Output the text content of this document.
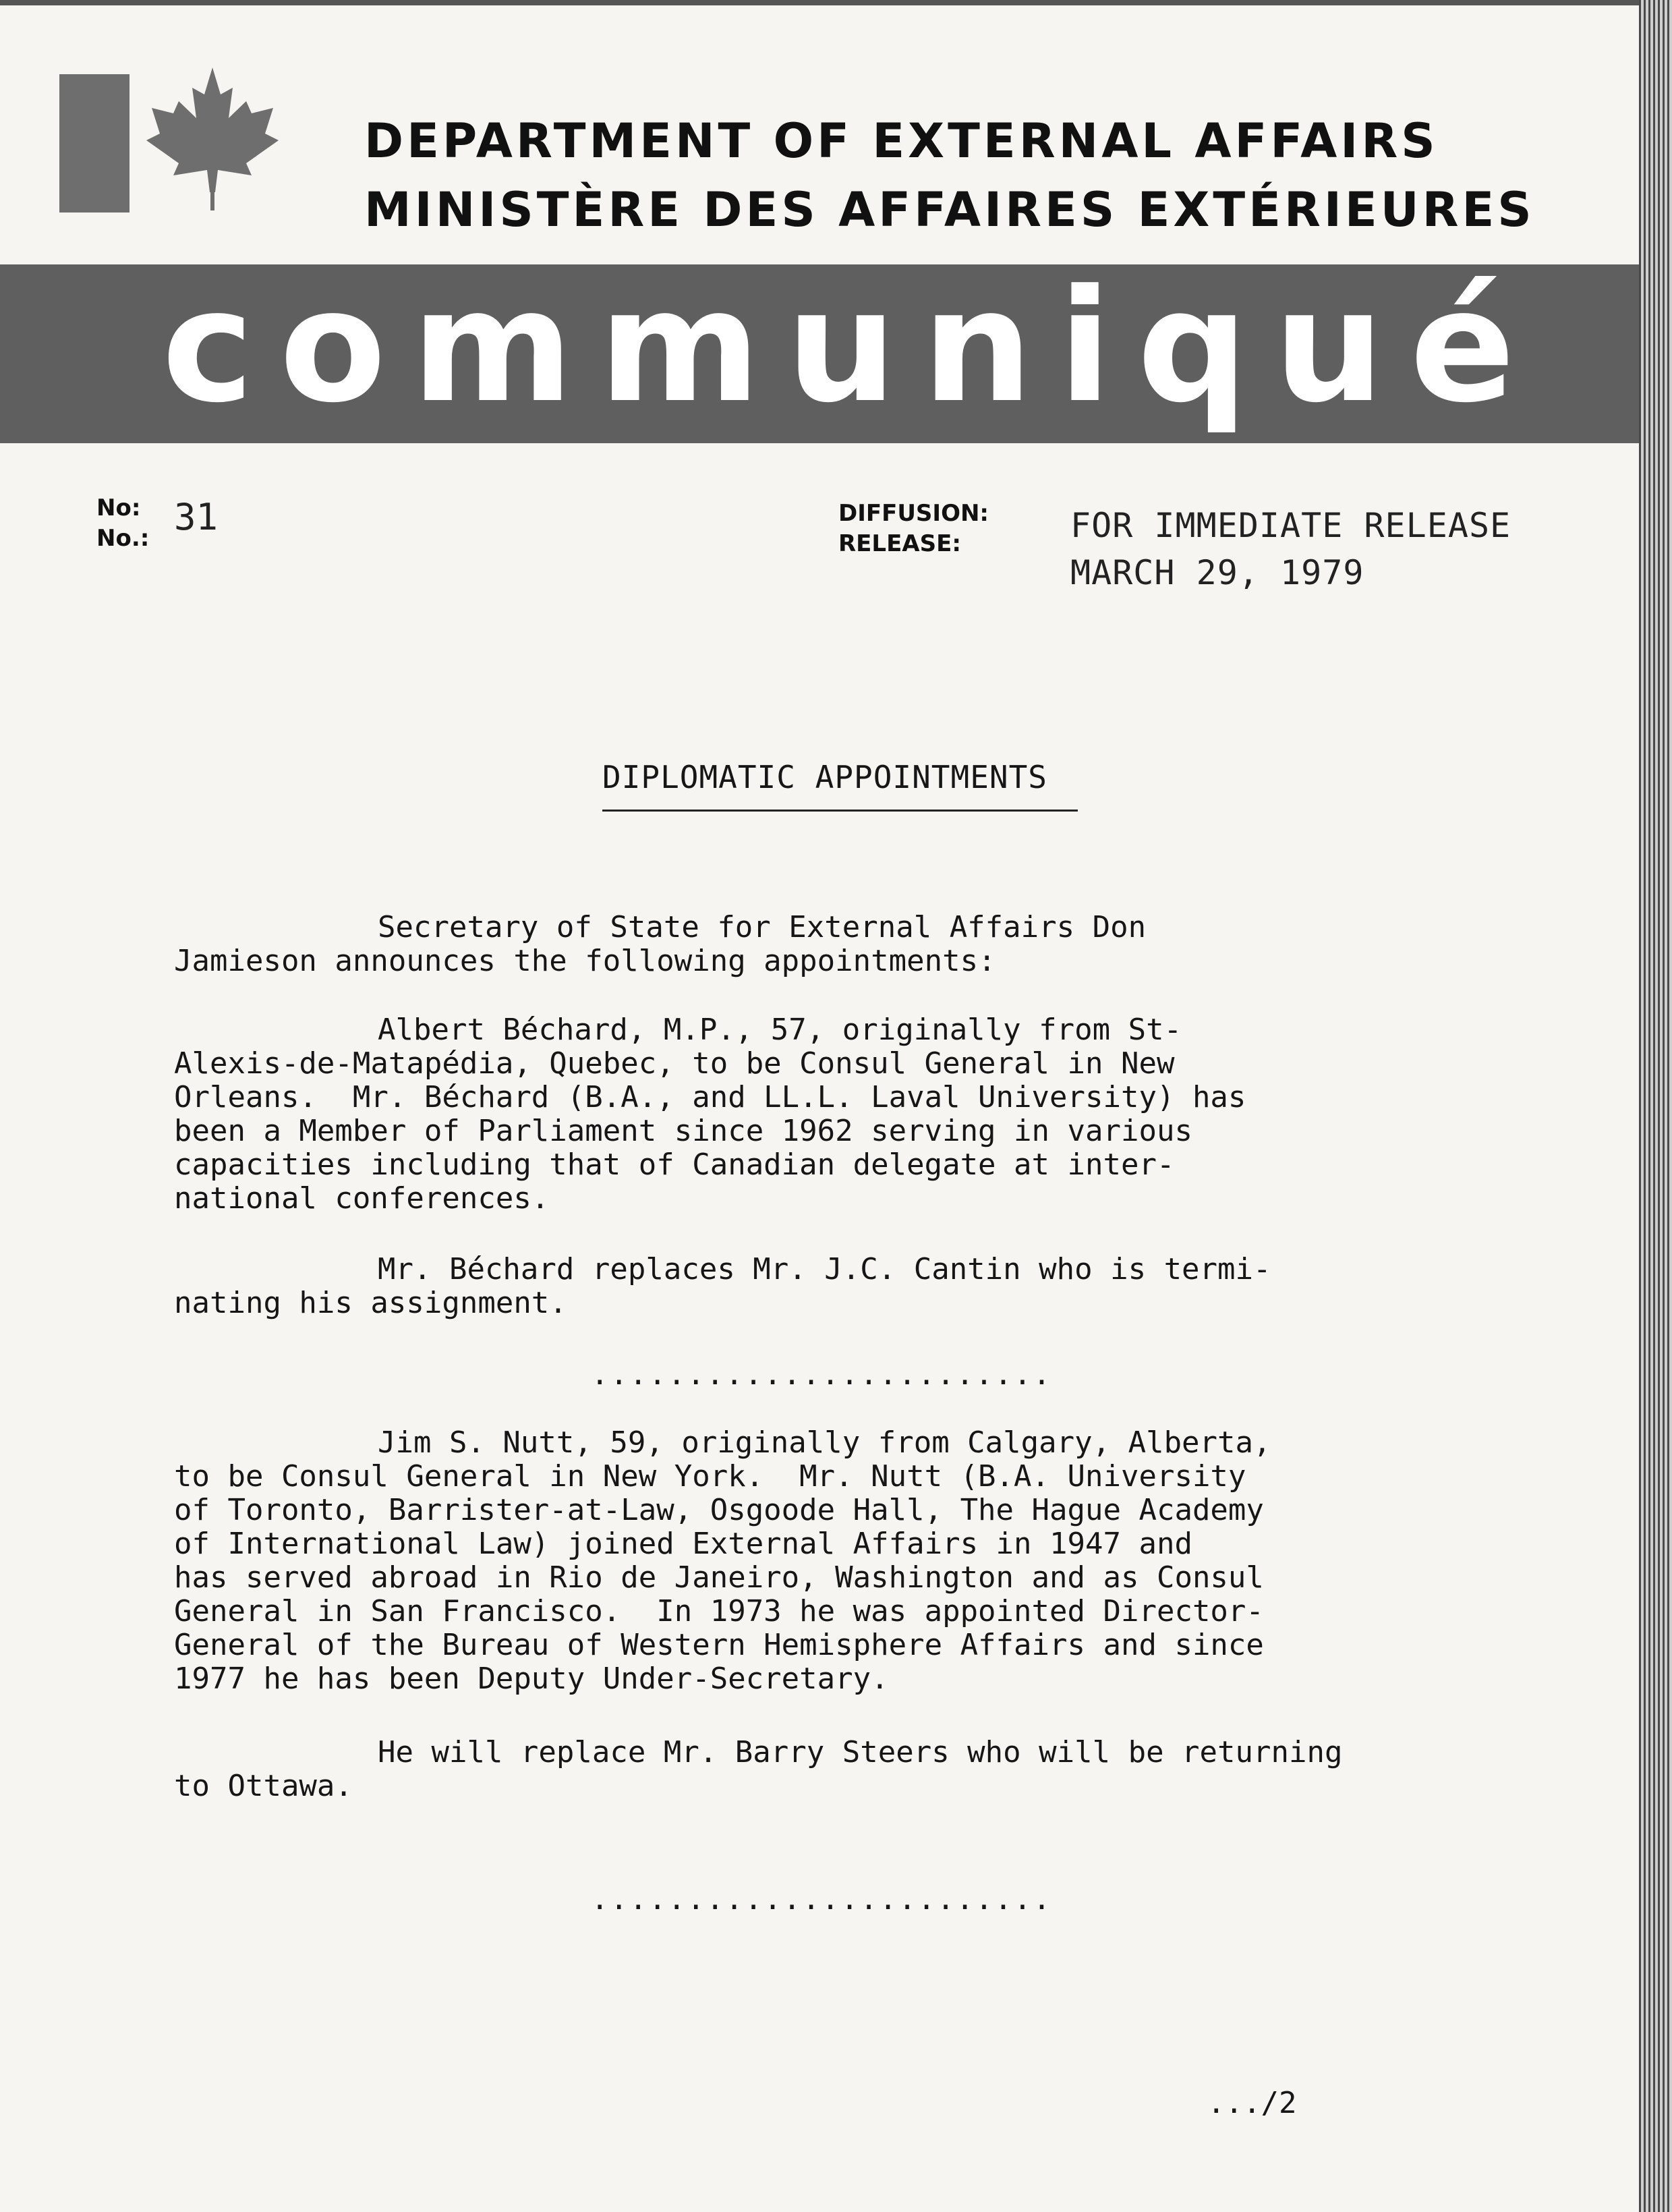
DEPARTMENT OF EXTERNAL AFFAIRS
MINISTÈRE DES AFFAIRES EXTÉRIEURES
communiqué
No:
No.: 31	DIFFUSION:
RELEASE:	FOR IMMEDIATE RELEASE
MARCH 29, 1979
DIPLOMATIC APPOINTMENTS
Secretary of State for External Affairs Don
Jamieson announces the following appointments:
Albert Béchard, M.P., 57, originally from St-
Alexis-de-Matapédia, Quebec, to be Consul General in New
Orleans.  Mr. Béchard (B.A., and LL.L. Laval University) has
been a Member of Parliament since 1962 serving in various
capacities including that of Canadian delegate at inter-
national conferences.
Mr. Béchard replaces Mr. J.C. Cantin who is termi-
nating his assignment.
........................
Jim S. Nutt, 59, originally from Calgary, Alberta,
to be Consul General in New York.  Mr. Nutt (B.A. University
of Toronto, Barrister-at-Law, Osgoode Hall, The Hague Academy
of International Law) joined External Affairs in 1947 and
has served abroad in Rio de Janeiro, Washington and as Consul
General in San Francisco.  In 1973 he was appointed Director-
General of the Bureau of Western Hemisphere Affairs and since
1977 he has been Deputy Under-Secretary.
He will replace Mr. Barry Steers who will be returning
to Ottawa.
........................
.../2
